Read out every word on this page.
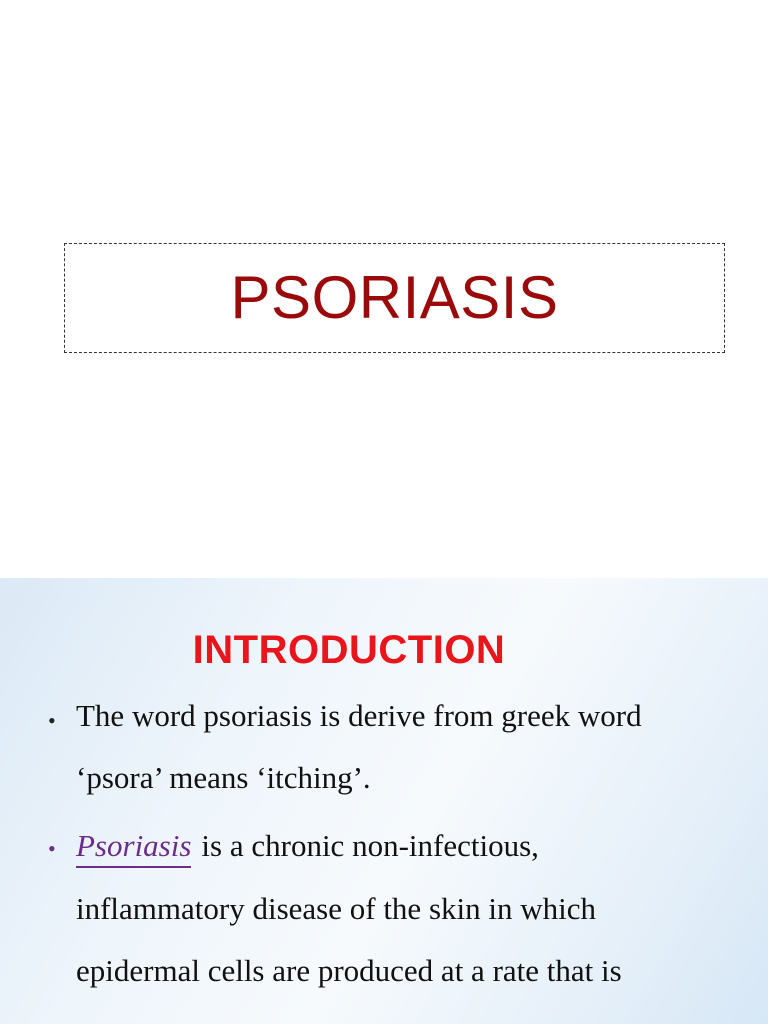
PSORIASIS
INTRODUCTION
• The word psoriasis is derive from greek word
‘psora’ means ‘itching’.
• Psoriasis is a chronic non-infectious,
inflammatory disease of the skin in which
epidermal cells are produced at a rate that is
